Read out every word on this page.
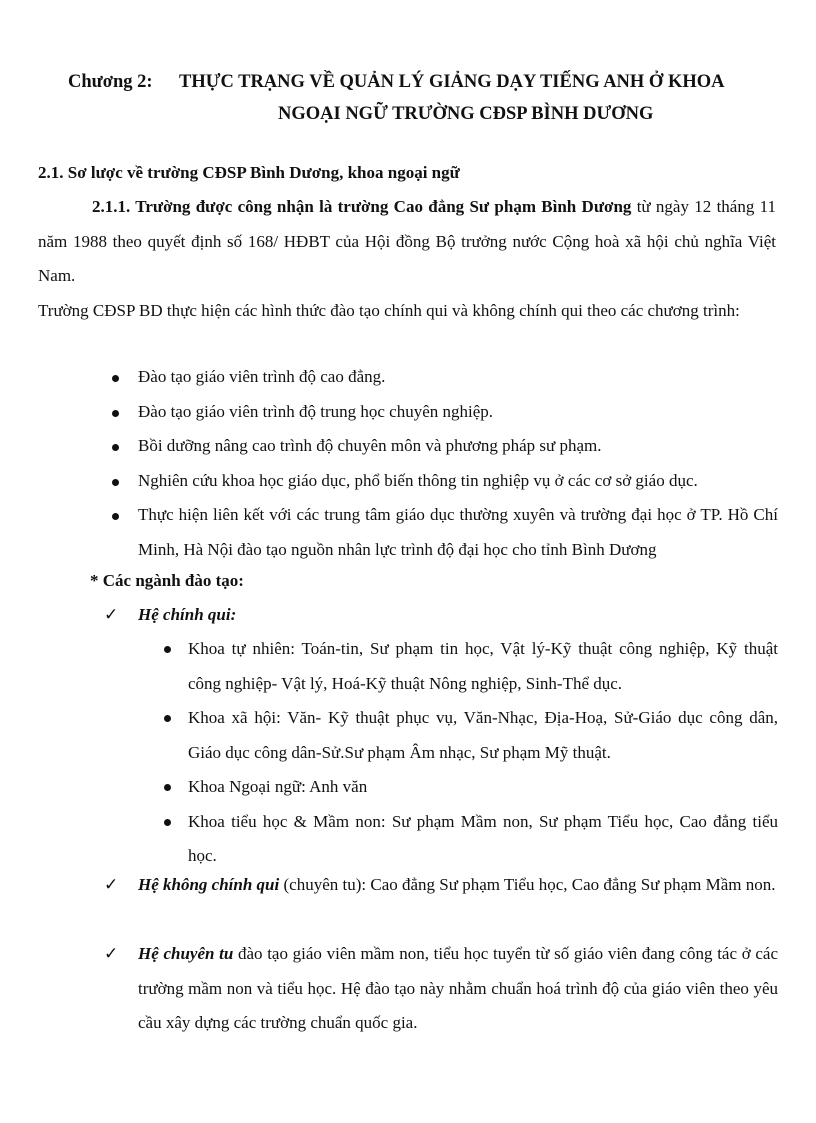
Chương 2: THỰC TRẠNG VỀ QUẢN LÝ GIẢNG DẠY TIẾNG ANH Ở KHOA
NGOẠI NGỮ TRƯỜNG CĐSP BÌNH DƯƠNG
2.1. Sơ lược về trường CĐSP Bình Dương, khoa ngoại ngữ

2.1.1. Trường được công nhận là trường Cao đẳng Sư phạm Bình Dương từ ngày 12 tháng 11 năm 1988 theo quyết định số 168/ HĐBT của Hội đồng Bộ trưởng nước Cộng hoà xã hội chủ nghĩa Việt Nam.

Trường CĐSP BD thực hiện các hình thức đào tạo chính qui và không chính qui theo các chương trình:

Đào tạo giáo viên trình độ cao đẳng.
Đào tạo giáo viên trình độ trung học chuyên nghiệp.
Bồi dưỡng nâng cao trình độ chuyên môn và phương pháp sư phạm.
Nghiên cứu khoa học giáo dục, phổ biến thông tin nghiệp vụ ở các cơ sở giáo dục.
Thực hiện liên kết với các trung tâm giáo dục thường xuyên và trường đại học ở TP. Hồ Chí Minh, Hà Nội đào tạo nguồn nhân lực trình độ đại học cho tỉnh Bình Dương
* Các ngành đào tạo:
✓	Hệ chính qui:
Khoa tự nhiên: Toán-tin, Sư phạm tin học, Vật lý-Kỹ thuật công nghiệp, Kỹ thuật công nghiệp- Vật lý, Hoá-Kỹ thuật Nông nghiệp, Sinh-Thể dục.
Khoa xã hội: Văn- Kỹ thuật phục vụ, Văn-Nhạc, Địa-Hoạ, Sử-Giáo dục công dân, Giáo dục công dân-Sử.Sư phạm Âm nhạc, Sư phạm Mỹ thuật.
Khoa Ngoại ngữ: Anh văn
Khoa tiểu học & Mầm non: Sư phạm Mầm non, Sư phạm Tiểu học, Cao đẳng tiểu học.
✓	Hệ không chính qui (chuyên tu): Cao đẳng Sư phạm Tiểu học, Cao đẳng Sư phạm Mầm non.
✓	Hệ chuyên tu đào tạo giáo viên mầm non, tiểu học tuyển từ số giáo viên đang công tác ở các trường mầm non và tiểu học. Hệ đào tạo này nhằm chuẩn hoá trình độ của giáo viên theo yêu cầu xây dựng các trường chuẩn quốc gia.
